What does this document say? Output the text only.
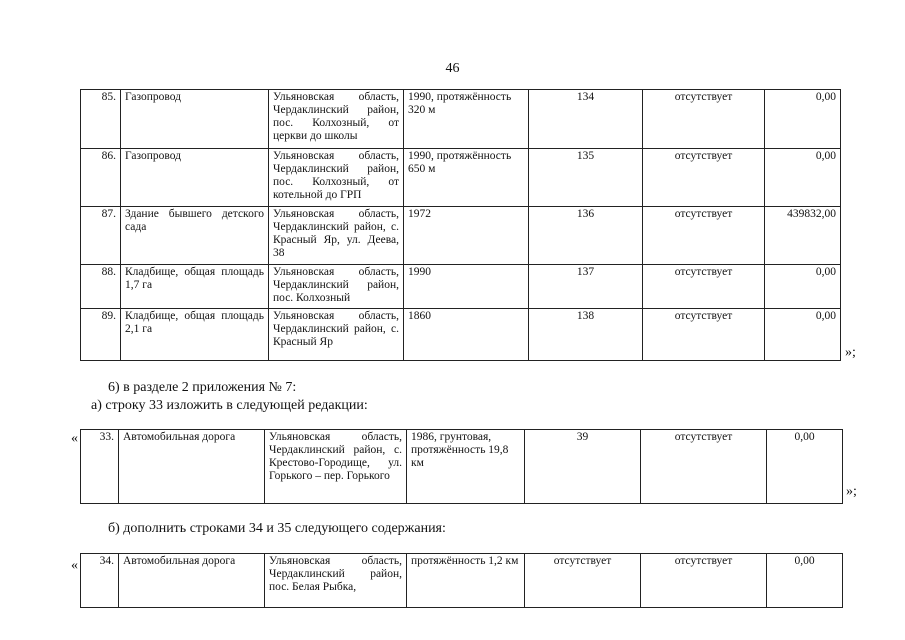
46
85.	Газопровод	Ульяновская область, Чердаклинский район, пос. Колхозный, от церкви до школы	1990, протяжённость 320 м	134	отсутствует	0,00
86.	Газопровод	Ульяновская область, Чердаклинский район, пос. Колхозный, от котельной до ГРП	1990, протяжённость 650 м	135	отсутствует	0,00
87.	Здание бывшего детского сада	Ульяновская область, Чердаклинский район, с. Красный Яр, ул. Деева, 38	1972	136	отсутствует	439832,00
88.	Кладбище, общая площадь 1,7 га	Ульяновская область, Чердаклинский район, пос. Колхозный	1990	137	отсутствует	0,00
89.	Кладбище, общая площадь 2,1 га	Ульяновская область, Чердаклинский район, с. Красный Яр	1860	138	отсутствует	0,00
»;
6) в разделе 2 приложения № 7:
а) строку 33 изложить в следующей редакции:
« 33.	Автомобильная дорога	Ульяновская область, Чердаклинский район, с. Крестово-Городище, ул. Горького – пер. Горького	1986, грунтовая, протяжённость 19,8 км	39	отсутствует	0,00
»;
б) дополнить строками 34 и 35 следующего содержания:
« 34.	Автомобильная дорога	Ульяновская область, Чердаклинский район, пос. Белая Рыбка,	протяжённость 1,2 км	отсутствует	отсутствует	0,00
